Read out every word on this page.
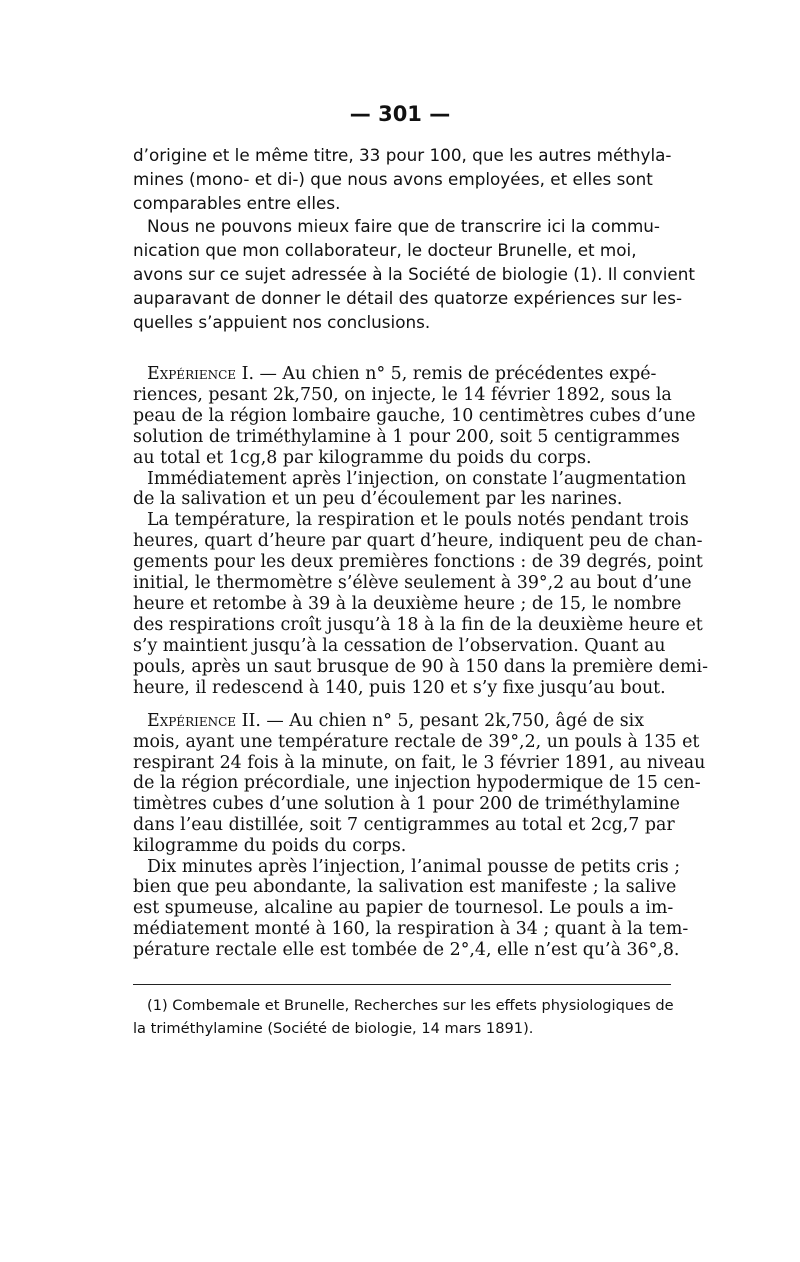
— 301 —
d’origine et le même titre, 33 pour 100, que les autres méthyla-
mines (mono- et di-) que nous avons employées, et elles sont
comparables entre elles.
Nous ne pouvons mieux faire que de transcrire ici la commu-
nication que mon collaborateur, le docteur Brunelle, et moi,
avons sur ce sujet adressée à la Société de biologie (1). Il convient
auparavant de donner le détail des quatorze expériences sur les-
quelles s’appuient nos conclusions.
Expérience I. — Au chien n° 5, remis de précédentes expé-
riences, pesant 2k,750, on injecte, le 14 février 1892, sous la
peau de la région lombaire gauche, 10 centimètres cubes d’une
solution de triméthylamine à 1 pour 200, soit 5 centigrammes
au total et 1cg,8 par kilogramme du poids du corps.
Immédiatement après l’injection, on constate l’augmentation
de la salivation et un peu d’écoulement par les narines.
La température, la respiration et le pouls notés pendant trois
heures, quart d’heure par quart d’heure, indiquent peu de chan-
gements pour les deux premières fonctions : de 39 degrés, point
initial, le thermomètre s’élève seulement à 39°,2 au bout d’une
heure et retombe à 39 à la deuxième heure ; de 15, le nombre
des respirations croît jusqu’à 18 à la fin de la deuxième heure et
s’y maintient jusqu’à la cessation de l’observation. Quant au
pouls, après un saut brusque de 90 à 150 dans la première demi-
heure, il redescend à 140, puis 120 et s’y fixe jusqu’au bout.
Expérience II. — Au chien n° 5, pesant 2k,750, âgé de six
mois, ayant une température rectale de 39°,2, un pouls à 135 et
respirant 24 fois à la minute, on fait, le 3 février 1891, au niveau
de la région précordiale, une injection hypodermique de 15 cen-
timètres cubes d’une solution à 1 pour 200 de triméthylamine
dans l’eau distillée, soit 7 centigrammes au total et 2cg,7 par
kilogramme du poids du corps.
Dix minutes après l’injection, l’animal pousse de petits cris ;
bien que peu abondante, la salivation est manifeste ; la salive
est spumeuse, alcaline au papier de tournesol. Le pouls a im-
médiatement monté à 160, la respiration à 34 ; quant à la tem-
pérature rectale elle est tombée de 2°,4, elle n’est qu’à 36°,8.
(1) Combemale et Brunelle, Recherches sur les effets physiologiques de
la triméthylamine (Société de biologie, 14 mars 1891).
